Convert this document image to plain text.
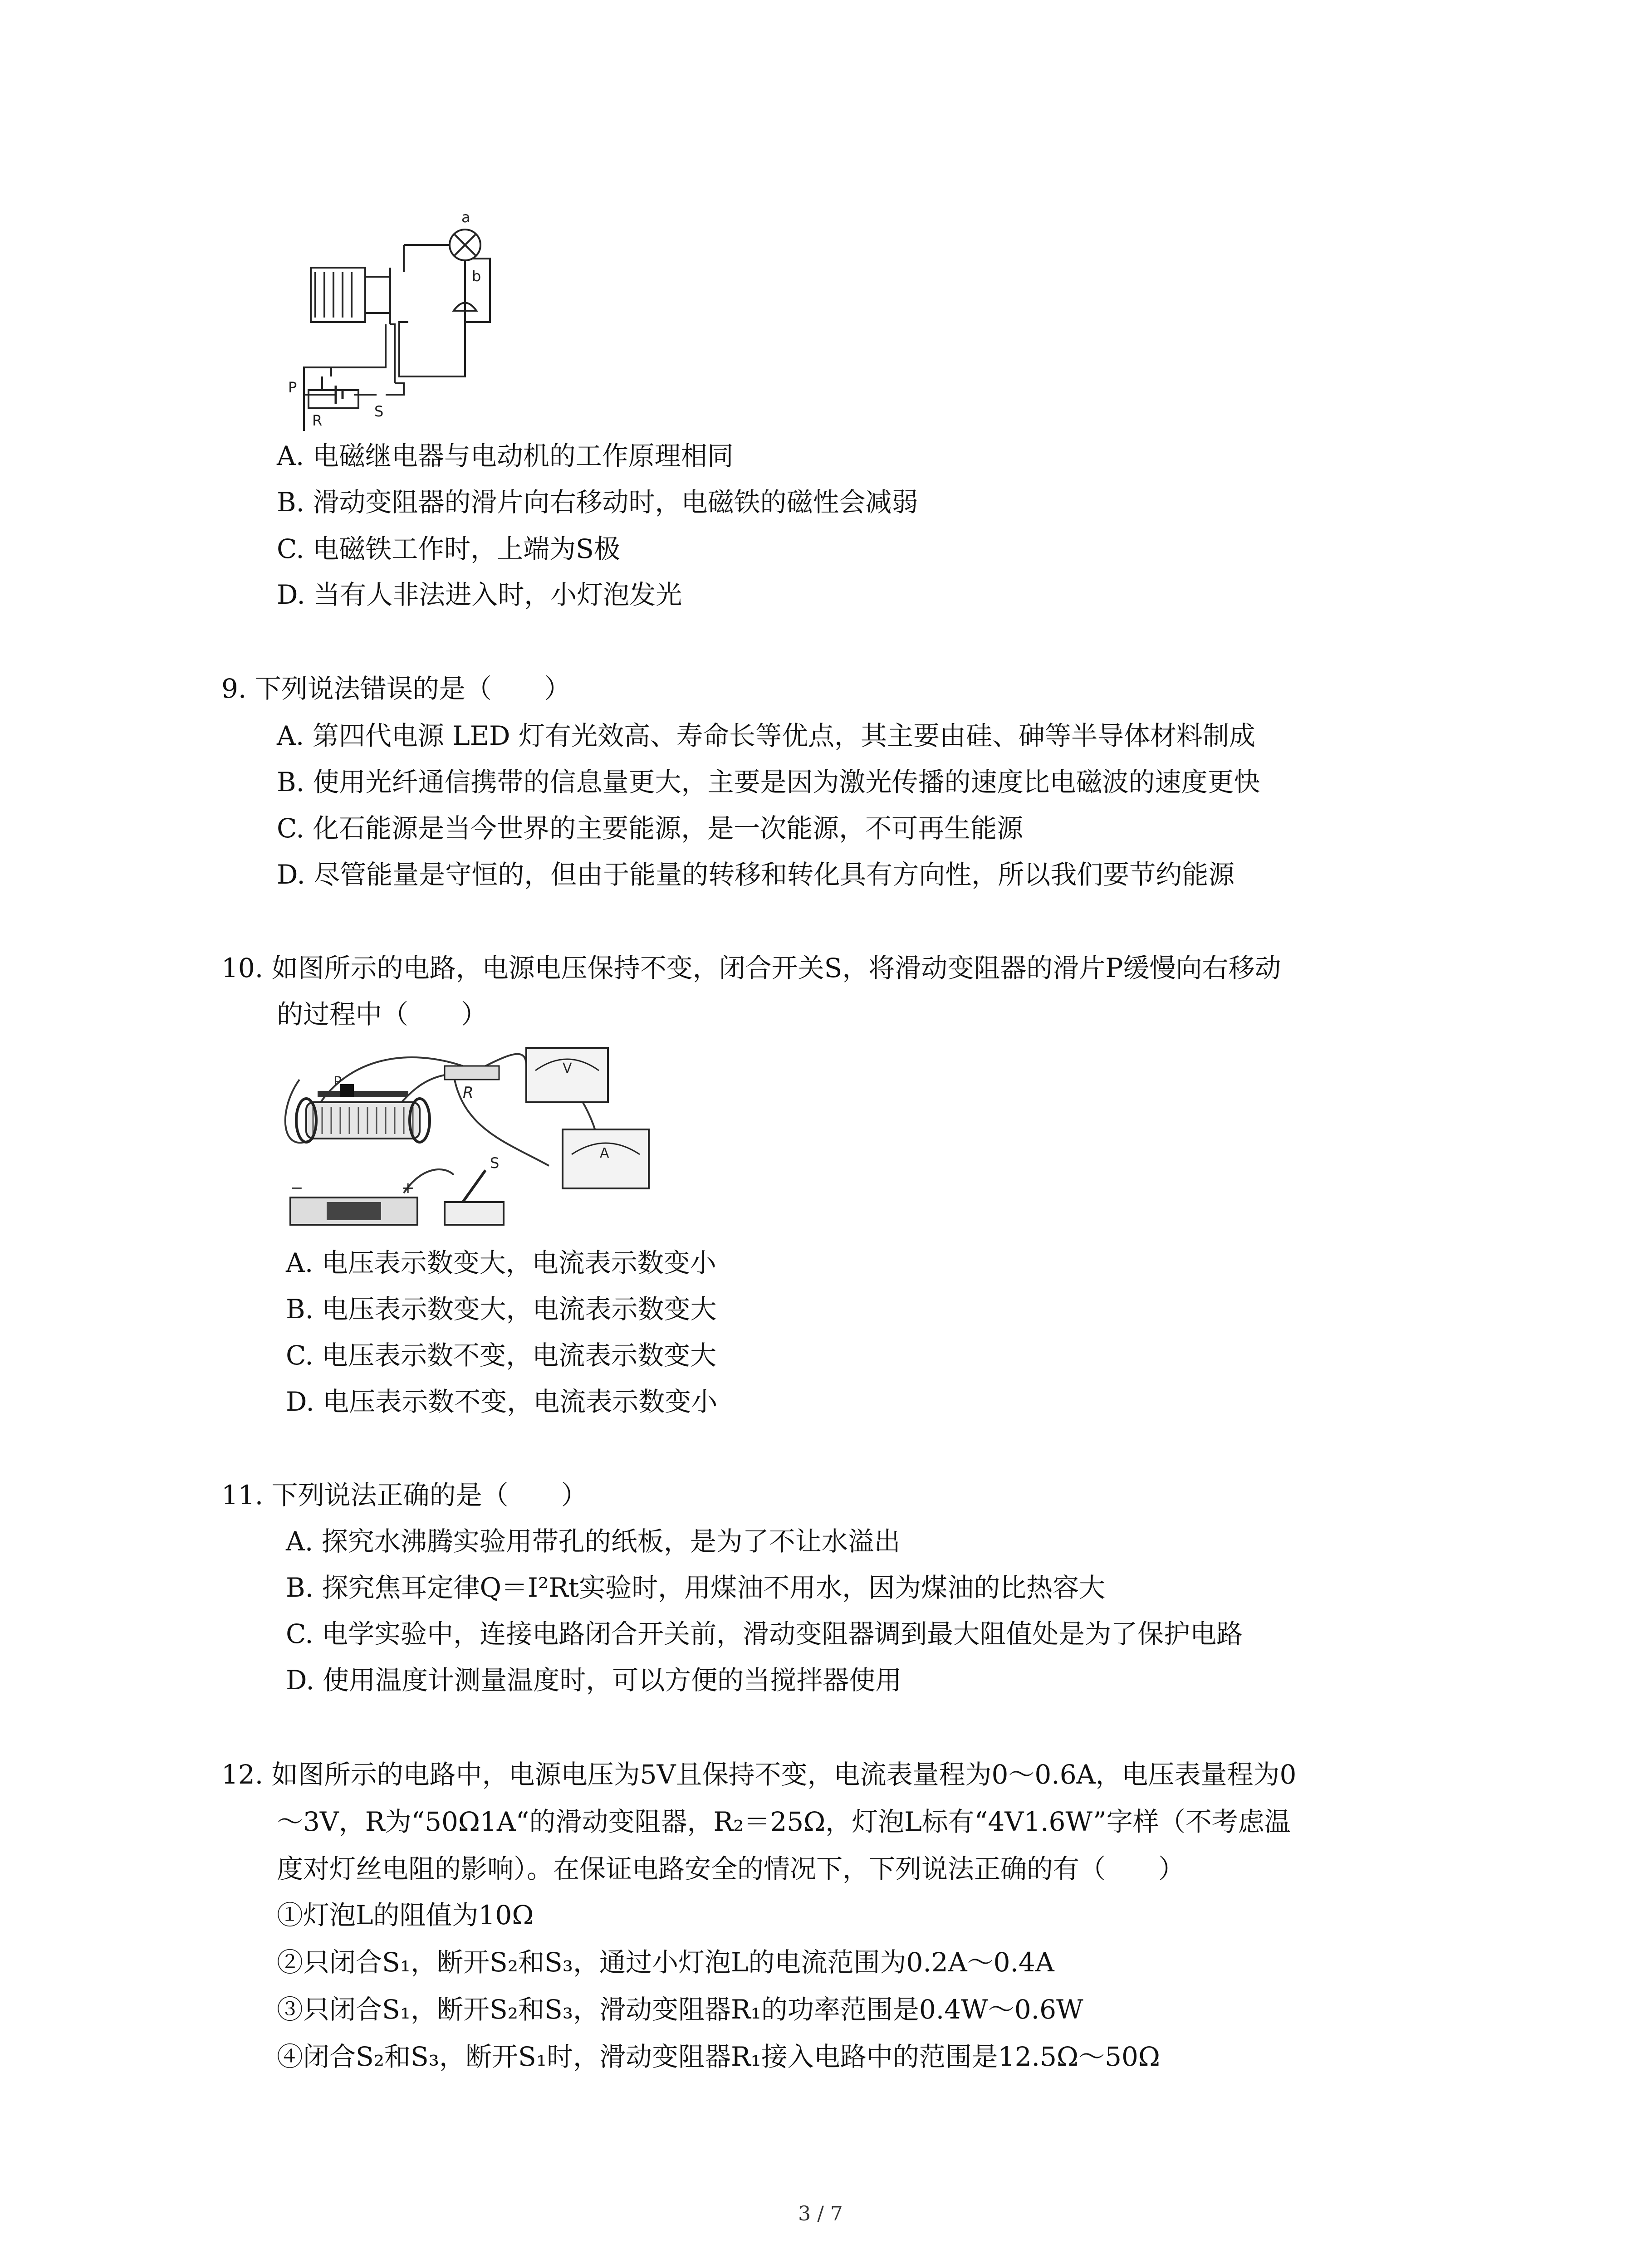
a
b
P
R
S
A. 电磁继电器与电动机的工作原理相同
B. 滑动变阻器的滑片向右移动时，电磁铁的磁性会减弱
C. 电磁铁工作时，上端为S极
D. 当有人非法进入时，小灯泡发光
9. 下列说法错误的是（　　）
A. 第四代电源 LED 灯有光效高、寿命长等优点，其主要由硅、砷等半导体材料制成
B. 使用光纤通信携带的信息量更大，主要是因为激光传播的速度比电磁波的速度更快
C. 化石能源是当今世界的主要能源，是一次能源，不可再生能源
D. 尽管能量是守恒的，但由于能量的转移和转化具有方向性，所以我们要节约能源
10. 如图所示的电路，电源电压保持不变，闭合开关S，将滑动变阻器的滑片P缓慢向右移动
的过程中（　　）
P
R
V
A
−	+
S
A. 电压表示数变大，电流表示数变小
B. 电压表示数变大，电流表示数变大
C. 电压表示数不变，电流表示数变大
D. 电压表示数不变，电流表示数变小
11. 下列说法正确的是（　　）
A. 探究水沸腾实验用带孔的纸板，是为了不让水溢出
B. 探究焦耳定律Q＝I²Rt实验时，用煤油不用水，因为煤油的比热容大
C. 电学实验中，连接电路闭合开关前，滑动变阻器调到最大阻值处是为了保护电路
D. 使用温度计测量温度时，可以方便的当搅拌器使用
12. 如图所示的电路中，电源电压为5V且保持不变，电流表量程为0～0.6A，电压表量程为0
～3V，R为“50Ω1A“的滑动变阻器，R₂＝25Ω，灯泡L标有“4V1.6W”字样（不考虑温
度对灯丝电阻的影响）。在保证电路安全的情况下，下列说法正确的有（　　）
①灯泡L的阻值为10Ω
②只闭合S₁，断开S₂和S₃，通过小灯泡L的电流范围为0.2A～0.4A
③只闭合S₁，断开S₂和S₃，滑动变阻器R₁的功率范围是0.4W～0.6W
④闭合S₂和S₃，断开S₁时，滑动变阻器R₁接入电路中的范围是12.5Ω～50Ω
3 / 7
